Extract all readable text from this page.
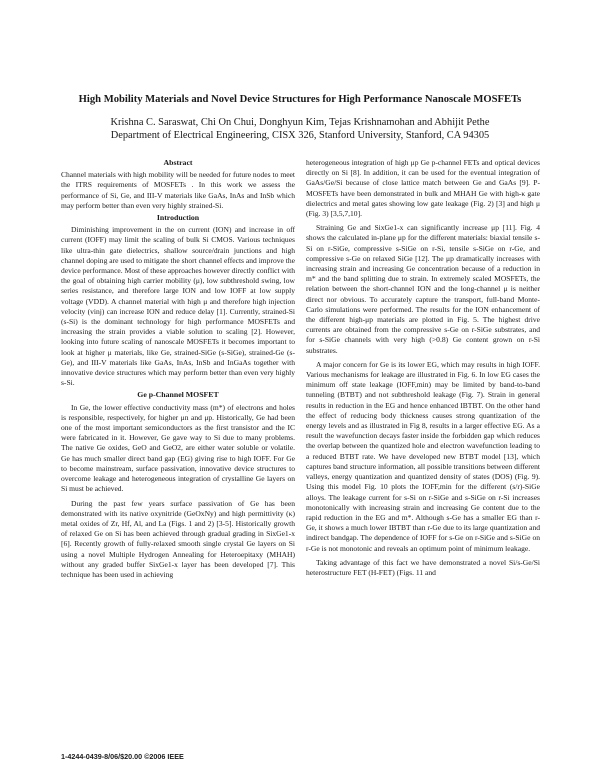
High Mobility Materials and Novel Device Structures for High Performance Nanoscale MOSFETs
Krishna C. Saraswat, Chi On Chui, Donghyun Kim, Tejas Krishnamohan and Abhijit Pethe
Department of Electrical Engineering, CISX 326, Stanford University, Stanford, CA 94305
Abstract

Channel materials with high mobility will be needed for future nodes to meet the ITRS requirements of MOSFETs . In this work we assess the performance of Si, Ge, and III-V materials like GaAs, InAs and InSb which may perform better than even very highly strained-Si.

Introduction

Diminishing improvement in the on current (ION) and increase in off current (IOFF) may limit the scaling of bulk Si CMOS. Various techniques like ultra-thin gate dielectrics, shallow source/drain junctions and high channel doping are used to mitigate the short channel effects and improve the device performance. Most of these approaches however directly conflict with the goal of obtaining high carrier mobility (μ), low subthreshold swing, low series resistance, and therefore large ION and low IOFF at low supply voltage (VDD). A channel material with high μ and therefore high injection velocity (vinj) can increase ION and reduce delay [1]. Currently, strained-Si (s-Si) is the dominant technology for high performance MOSFETs and increasing the strain provides a viable solution to scaling [2]. However, looking into future scaling of nanoscale MOSFETs it becomes important to look at higher μ materials, like Ge, strained-SiGe (s-SiGe), strained-Ge (s-Ge), and III-V materials like GaAs, InAs, InSb and InGaAs together with innovative device structures which may perform better than even very highly s-Si.

Ge p-Channel MOSFET

In Ge, the lower effective conductivity mass (m*) of electrons and holes is responsible, respectively, for higher μn and μp. Historically, Ge had been one of the most important semiconductors as the first transistor and the IC were fabricated in it. However, Ge gave way to Si due to many problems. The native Ge oxides, GeO and GeO2, are either water soluble or volatile. Ge has much smaller direct band gap (EG) giving rise to high IOFF. For Ge to become mainstream, surface passivation, innovative device structures to overcome leakage and heterogeneous integration of crystalline Ge layers on Si must be achieved.

During the past few years surface passivation of Ge has been demonstrated with its native oxynitride (GeOxNy) and high permittivity (κ) metal oxides of Zr, Hf, Al, and La (Figs. 1 and 2) [3-5]. Historically growth of relaxed Ge on Si has been achieved through gradual grading in SixGe1-x [6]. Recently growth of fully-relaxed smooth single crystal Ge layers on Si using a novel Multiple Hydrogen Annealing for Heteroepitaxy (MHAH) without any graded buffer SixGe1-x layer has been developed [7]. This technique has been used in achieving

heterogeneous integration of high μp Ge p-channel FETs and optical devices directly on Si [8]. In addition, it can be used for the eventual integration of GaAs/Ge/Si because of close lattice match between Ge and GaAs [9]. P-MOSFETs have been demonstrated in bulk and MHAH Ge with high-κ gate dielectrics and metal gates showing low gate leakage (Fig. 2) [3] and high μ (Fig. 3) [3,5,7,10].

Straining Ge and SixGe1-x can significantly increase μp [11]. Fig. 4 shows the calculated in-plane μp for the different materials: biaxial tensile s-Si on r-SiGe, compressive s-SiGe on r-Si, tensile s-SiGe on r-Ge, and compressive s-Ge on relaxed SiGe [12]. The μp dramatically increases with increasing strain and increasing Ge concentration because of a reduction in m* and the band splitting due to strain. In extremely scaled MOSFETs, the relation between the short-channel ION and the long-channel μ is neither direct nor obvious. To accurately capture the transport, full-band Monte-Carlo simulations were performed. The results for the ION enhancement of the different high-μp materials are plotted in Fig. 5. The highest drive currents are obtained from the compressive s-Ge on r-SiGe substrates, and for s-SiGe channels with very high (>0.8) Ge content grown on r-Si substrates.

A major concern for Ge is its lower EG, which may results in high IOFF. Various mechanisms for leakage are illustrated in Fig. 6. In low EG cases the minimum off state leakage (IOFF,min) may be limited by band-to-band tunneling (BTBT) and not subthreshold leakage (Fig. 7). Strain in general results in reduction in the EG and hence enhanced IBTBT. On the other hand the effect of reducing body thickness causes strong quantization of the energy levels and as illustrated in Fig 8, results in a larger effective EG. As a result the wavefunction decays faster inside the forbidden gap which reduces the overlap between the quantized hole and electron wavefunction leading to a reduced BTBT rate. We have developed new BTBT model [13], which captures band structure information, all possible transitions between different valleys, energy quantization and quantized density of states (DOS) (Fig. 9). Using this model Fig. 10 plots the IOFF,min for the different (s/r)-SiGe alloys. The leakage current for s-Si on r-SiGe and s-SiGe on r-Si increases monotonically with increasing strain and increasing Ge content due to the rapid reduction in the EG and m*. Although s-Ge has a smaller EG than r-Ge, it shows a much lower IBTBT than r-Ge due to its large quantization and indirect bandgap. The dependence of IOFF for s-Ge on r-SiGe and s-SiGe on r-Ge is not monotonic and reveals an optimum point of minimum leakage.

Taking advantage of this fact we have demonstrated a novel Si/s-Ge/Si heterostructure FET (H-FET) (Figs. 11 and

1-4244-0439-8/06/$20.00 ©2006 IEEE
